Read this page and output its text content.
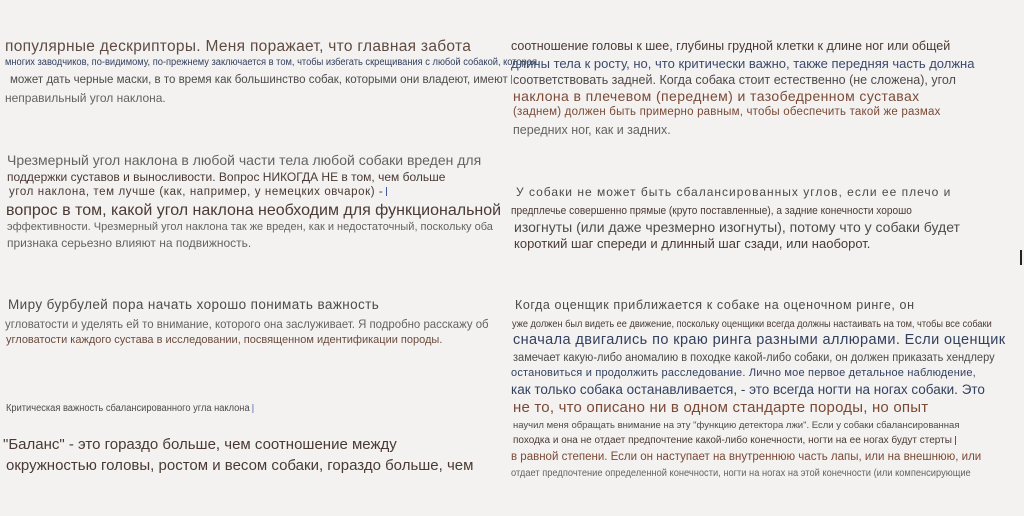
популярные дескрипторы. Меня поражает, что главная забота
многих заводчиков, по-видимому, по-прежнему заключается в том, чтобы избегать скрещивания с любой собакой, которая
может дать черные маски, в то время как большинство собак, которыми они владеют, имеют
неправильный угол наклона.
Чрезмерный угол наклона в любой части тела любой собаки вреден для
поддержки суставов и выносливости. Вопрос НИКОГДА НЕ в том, чем больше
угол наклона, тем лучше (как, например, у немецких овчарок) -
вопрос в том, какой угол наклона необходим для функциональной
эффективности. Чрезмерный угол наклона так же вреден, как и недостаточный, поскольку оба
признака серьезно влияют на подвижность.
Миру бурбулей пора начать хорошо понимать важность
угловатости и уделять ей то внимание, которого она заслуживает. Я подробно расскажу об
угловатости каждого сустава в исследовании, посвященном идентификации породы.
Критическая важность сбалансированного угла наклона
"Баланс" - это гораздо больше, чем соотношение между
окружностью головы, ростом и весом собаки, гораздо больше, чем
соотношение головы к шее, глубины грудной клетки к длине ног или общей
длины тела к росту, но, что критически важно, также передняя часть должна
соответствовать задней. Когда собака стоит естественно (не сложена), угол
наклона в плечевом (переднем) и тазобедренном суставах
(заднем) должен быть примерно равным, чтобы обеспечить такой же размах
передних ног, как и задних.
У собаки не может быть сбалансированных углов, если ее плечо и
предплечье совершенно прямые (круто поставленные), а задние конечности хорошо
изогнуты (или даже чрезмерно изогнуты), потому что у собаки будет
короткий шаг спереди и длинный шаг сзади, или наоборот.
Когда оценщик приближается к собаке на оценочном ринге, он
уже должен был видеть ее движение, поскольку оценщики всегда должны настаивать на том, чтобы все собаки
сначала двигались по краю ринга разными аллюрами. Если оценщик
замечает какую-либо аномалию в походке какой-либо собаки, он должен приказать хендлеру
остановиться и продолжить расследование. Лично мое первое детальное наблюдение,
как только собака останавливается, - это всегда ногти на ногах собаки. Это
не то, что описано ни в одном стандарте породы, но опыт
научил меня обращать внимание на эту "функцию детектора лжи". Если у собаки сбалансированная
походка и она не отдает предпочтение какой-либо конечности, ногти на ее ногах будут стерты
в равной степени. Если он наступает на внутреннюю часть лапы, или на внешнюю, или
отдает предпочтение определенной конечности, ногти на ногах на этой конечности (или компенсирующие
